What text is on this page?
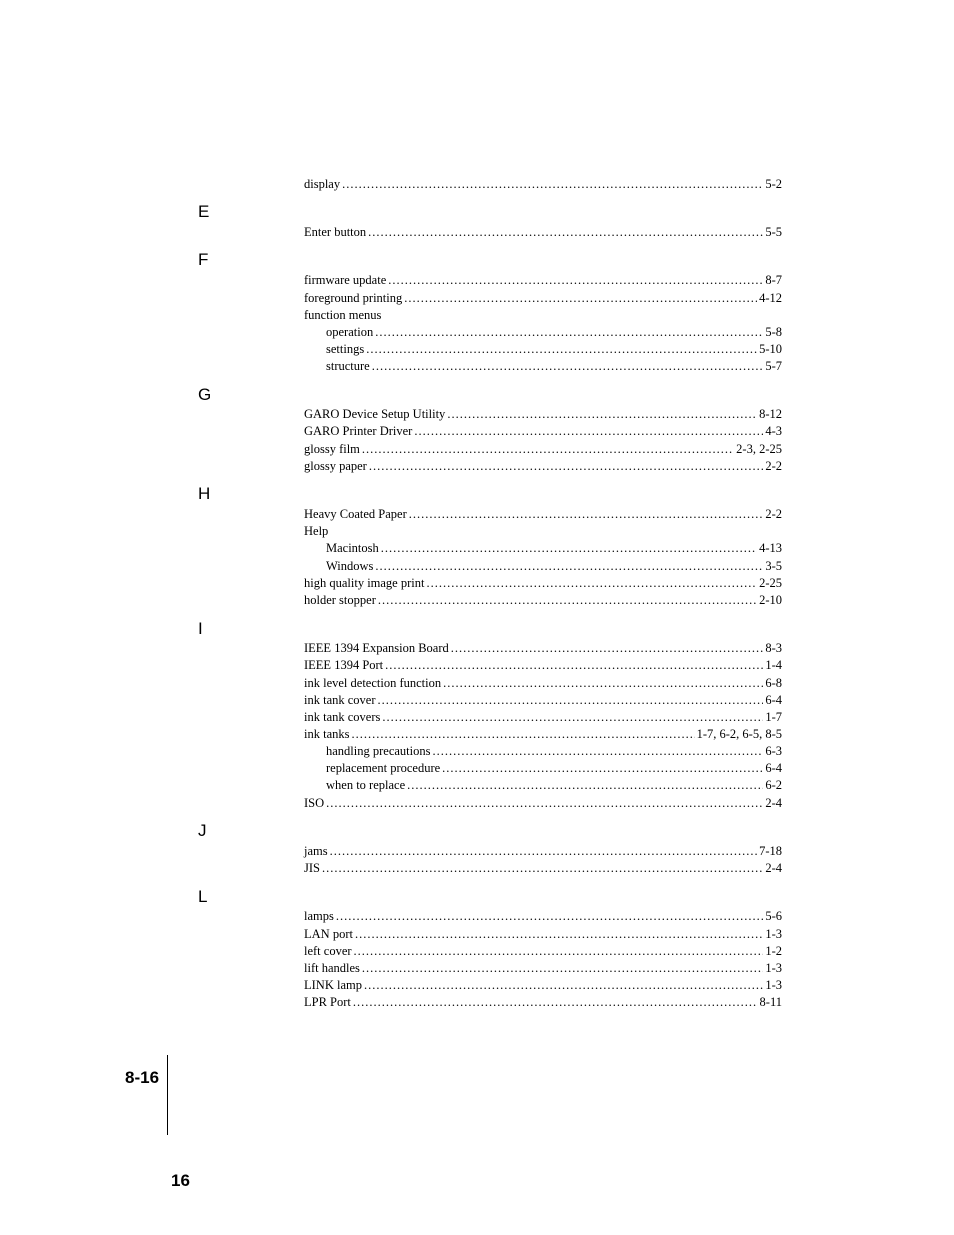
display .....	5-2
E
Enter button .....	5-5
F
firmware update .....	8-7
foreground printing .....	4-12
function menus
operation .....	5-8
settings .....	5-10
structure .....	5-7
G
GARO Device Setup Utility .....	8-12
GARO Printer Driver .....	4-3
glossy film .....	2-3, 2-25
glossy paper .....	2-2
H
Heavy Coated Paper .....	2-2
Help
Macintosh .....	4-13
Windows .....	3-5
high quality image print .....	2-25
holder stopper .....	2-10
I
IEEE 1394 Expansion Board .....	8-3
IEEE 1394 Port .....	1-4
ink level detection function .....	6-8
ink tank cover .....	6-4
ink tank covers .....	1-7
ink tanks .....	1-7, 6-2, 6-5, 8-5
handling precautions .....	6-3
replacement procedure .....	6-4
when to replace .....	6-2
ISO .....	2-4
J
jams .....	7-18
JIS .....	2-4
L
lamps .....	5-6
LAN port .....	1-3
left cover .....	1-2
lift handles .....	1-3
LINK lamp .....	1-3
LPR Port .....	8-11
8-16
16
